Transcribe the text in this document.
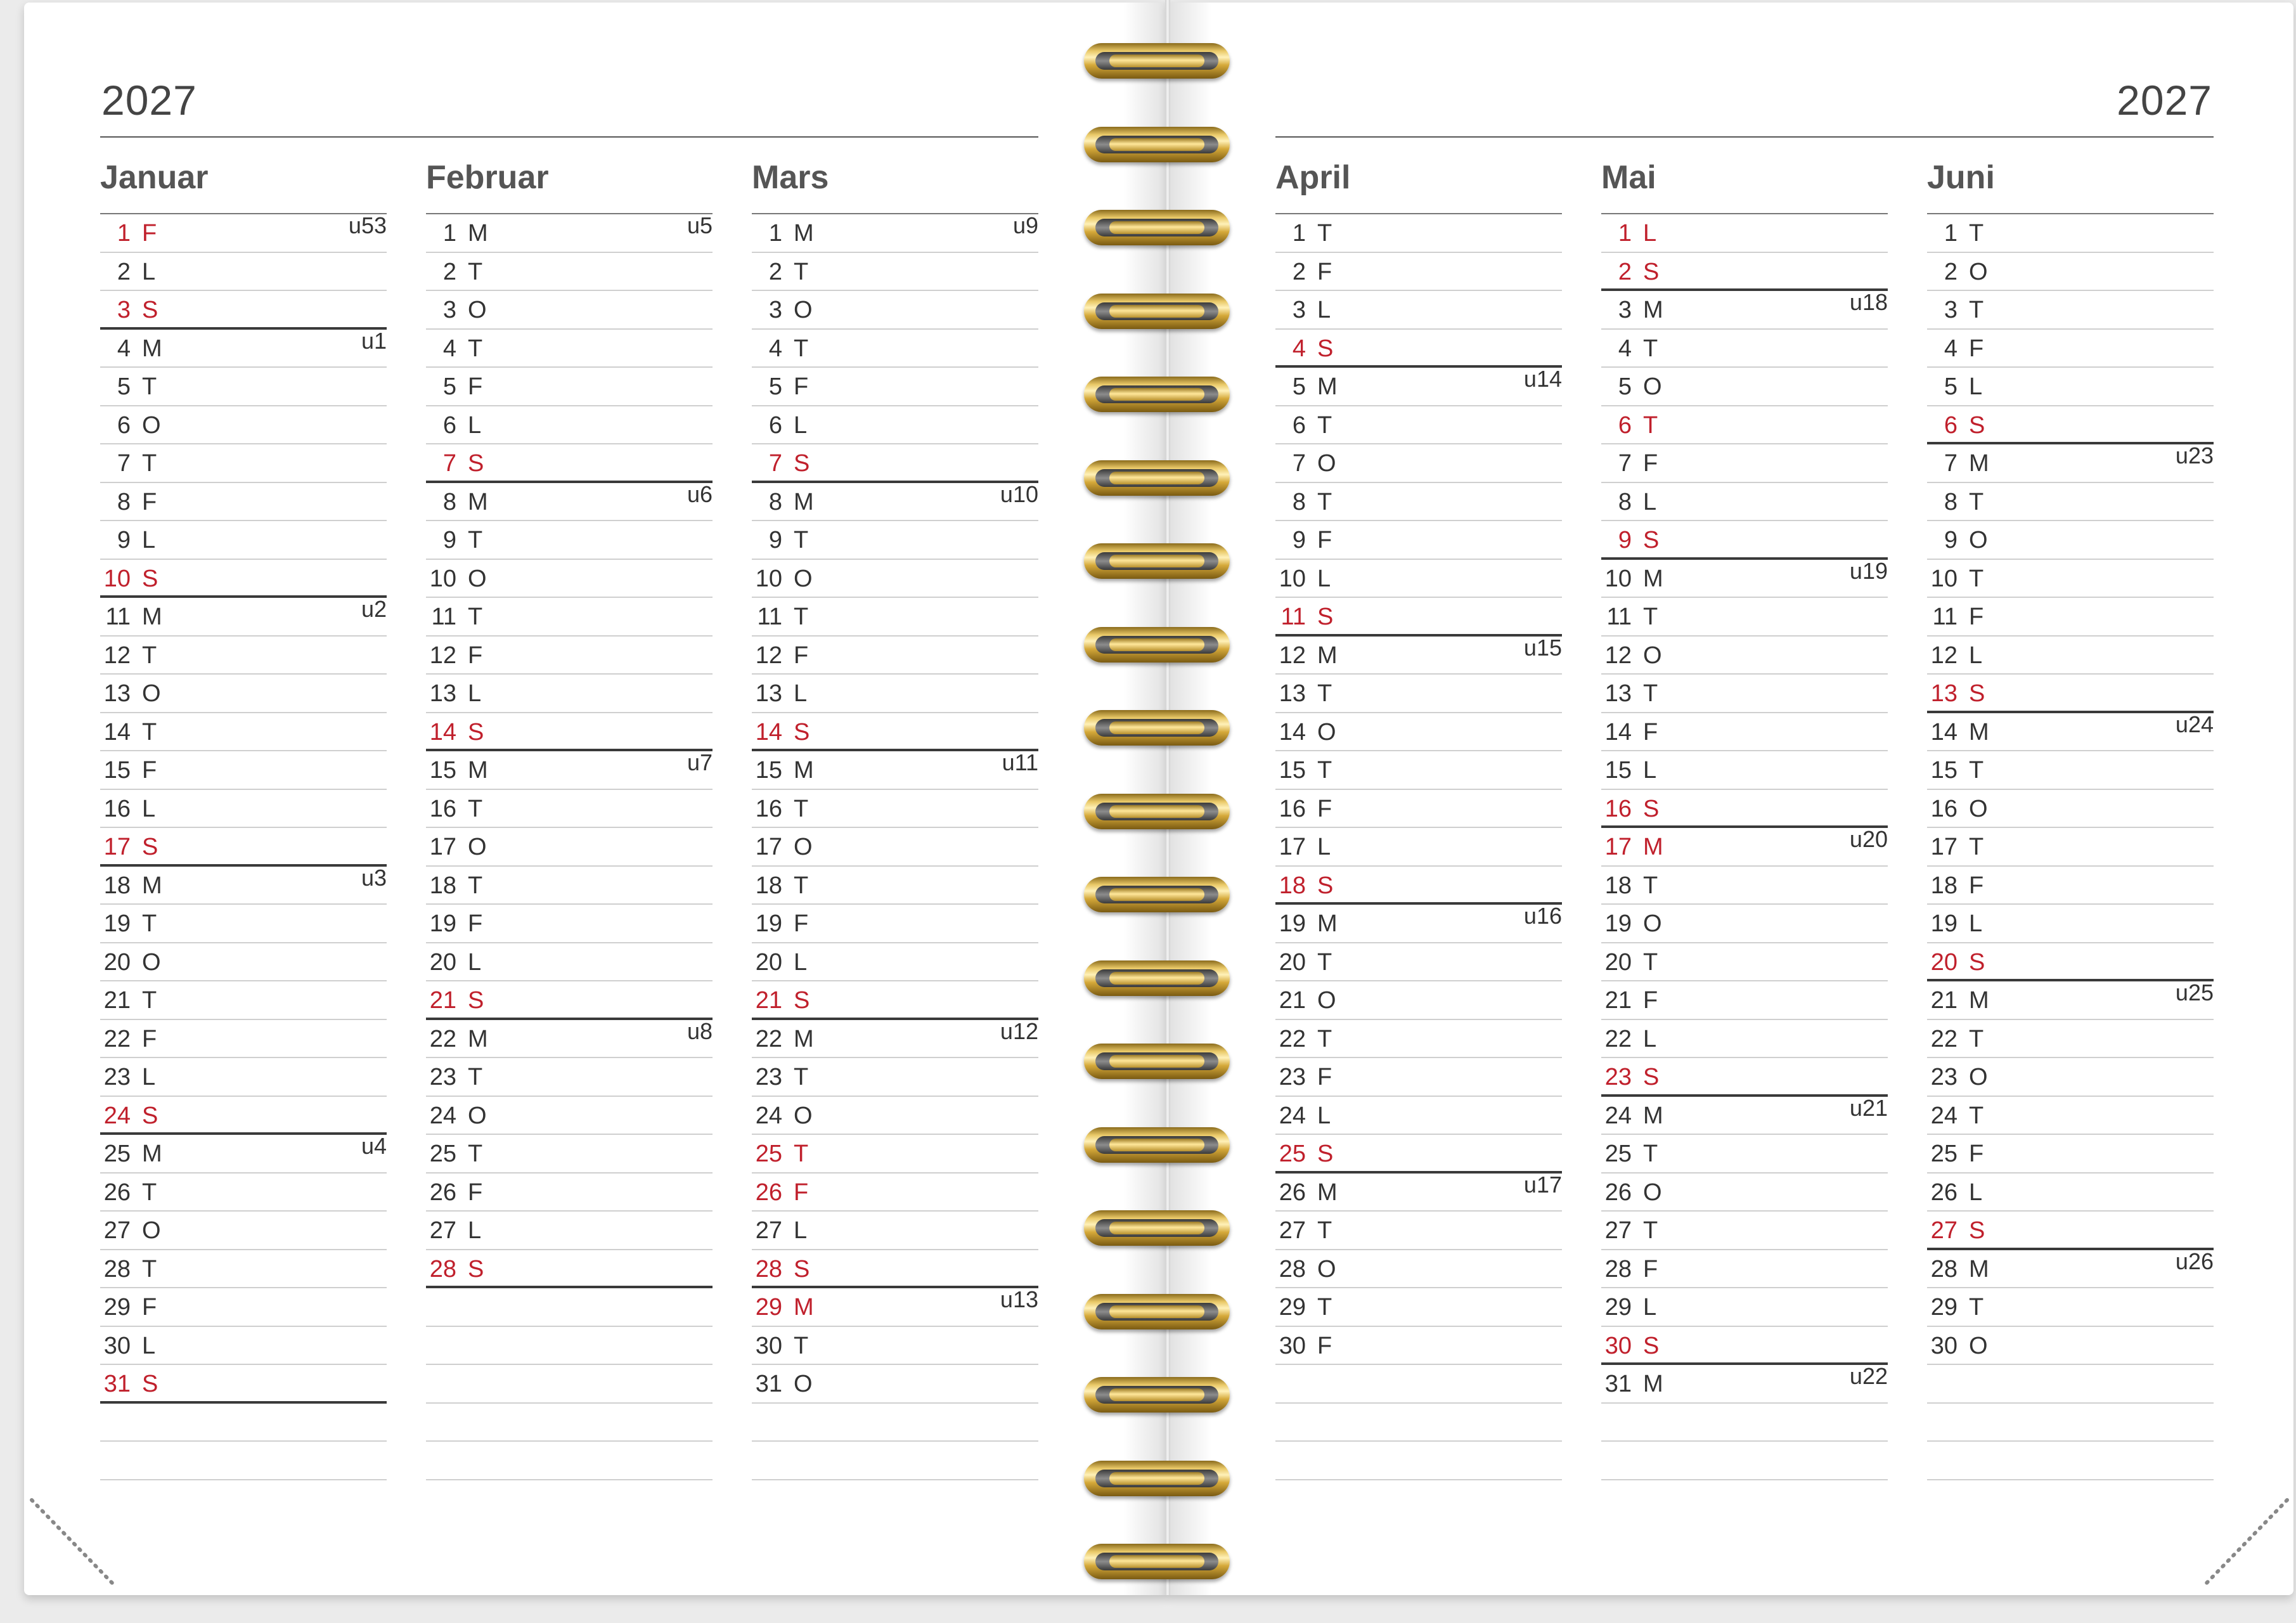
2027	2027
Januar
1 F	u53
2 L
3 S
4 M	u1
5 T
6 O
7 T
8 F
9 L
10 S
11 M	u2
12 T
13 O
14 T
15 F
16 L
17 S
18 M	u3
19 T
20 O
21 T
22 F
23 L
24 S
25 M	u4
26 T
27 O
28 T
29 F
30 L
31 S
Februar
1 M	u5
2 T
3 O
4 T
5 F
6 L
7 S
8 M	u6
9 T
10 O
11 T
12 F
13 L
14 S
15 M	u7
16 T
17 O
18 T
19 F
20 L
21 S
22 M	u8
23 T
24 O
25 T
26 F
27 L
28 S
Mars
1 M	u9
2 T
3 O
4 T
5 F
6 L
7 S
8 M	u10
9 T
10 O
11 T
12 F
13 L
14 S
15 M	u11
16 T
17 O
18 T
19 F
20 L
21 S
22 M	u12
23 T
24 O
25 T
26 F
27 L
28 S
29 M	u13
30 T
31 O
April
1 T
2 F
3 L
4 S
5 M	u14
6 T
7 O
8 T
9 F
10 L
11 S
12 M	u15
13 T
14 O
15 T
16 F
17 L
18 S
19 M	u16
20 T
21 O
22 T
23 F
24 L
25 S
26 M	u17
27 T
28 O
29 T
30 F
Mai
1 L
2 S
3 M	u18
4 T
5 O
6 T
7 F
8 L
9 S
10 M	u19
11 T
12 O
13 T
14 F
15 L
16 S
17 M	u20
18 T
19 O
20 T
21 F
22 L
23 S
24 M	u21
25 T
26 O
27 T
28 F
29 L
30 S
31 M	u22
Juni
1 T
2 O
3 T
4 F
5 L
6 S
7 M	u23
8 T
9 O
10 T
11 F
12 L
13 S
14 M	u24
15 T
16 O
17 T
18 F
19 L
20 S
21 M	u25
22 T
23 O
24 T
25 F
26 L
27 S
28 M	u26
29 T
30 O
